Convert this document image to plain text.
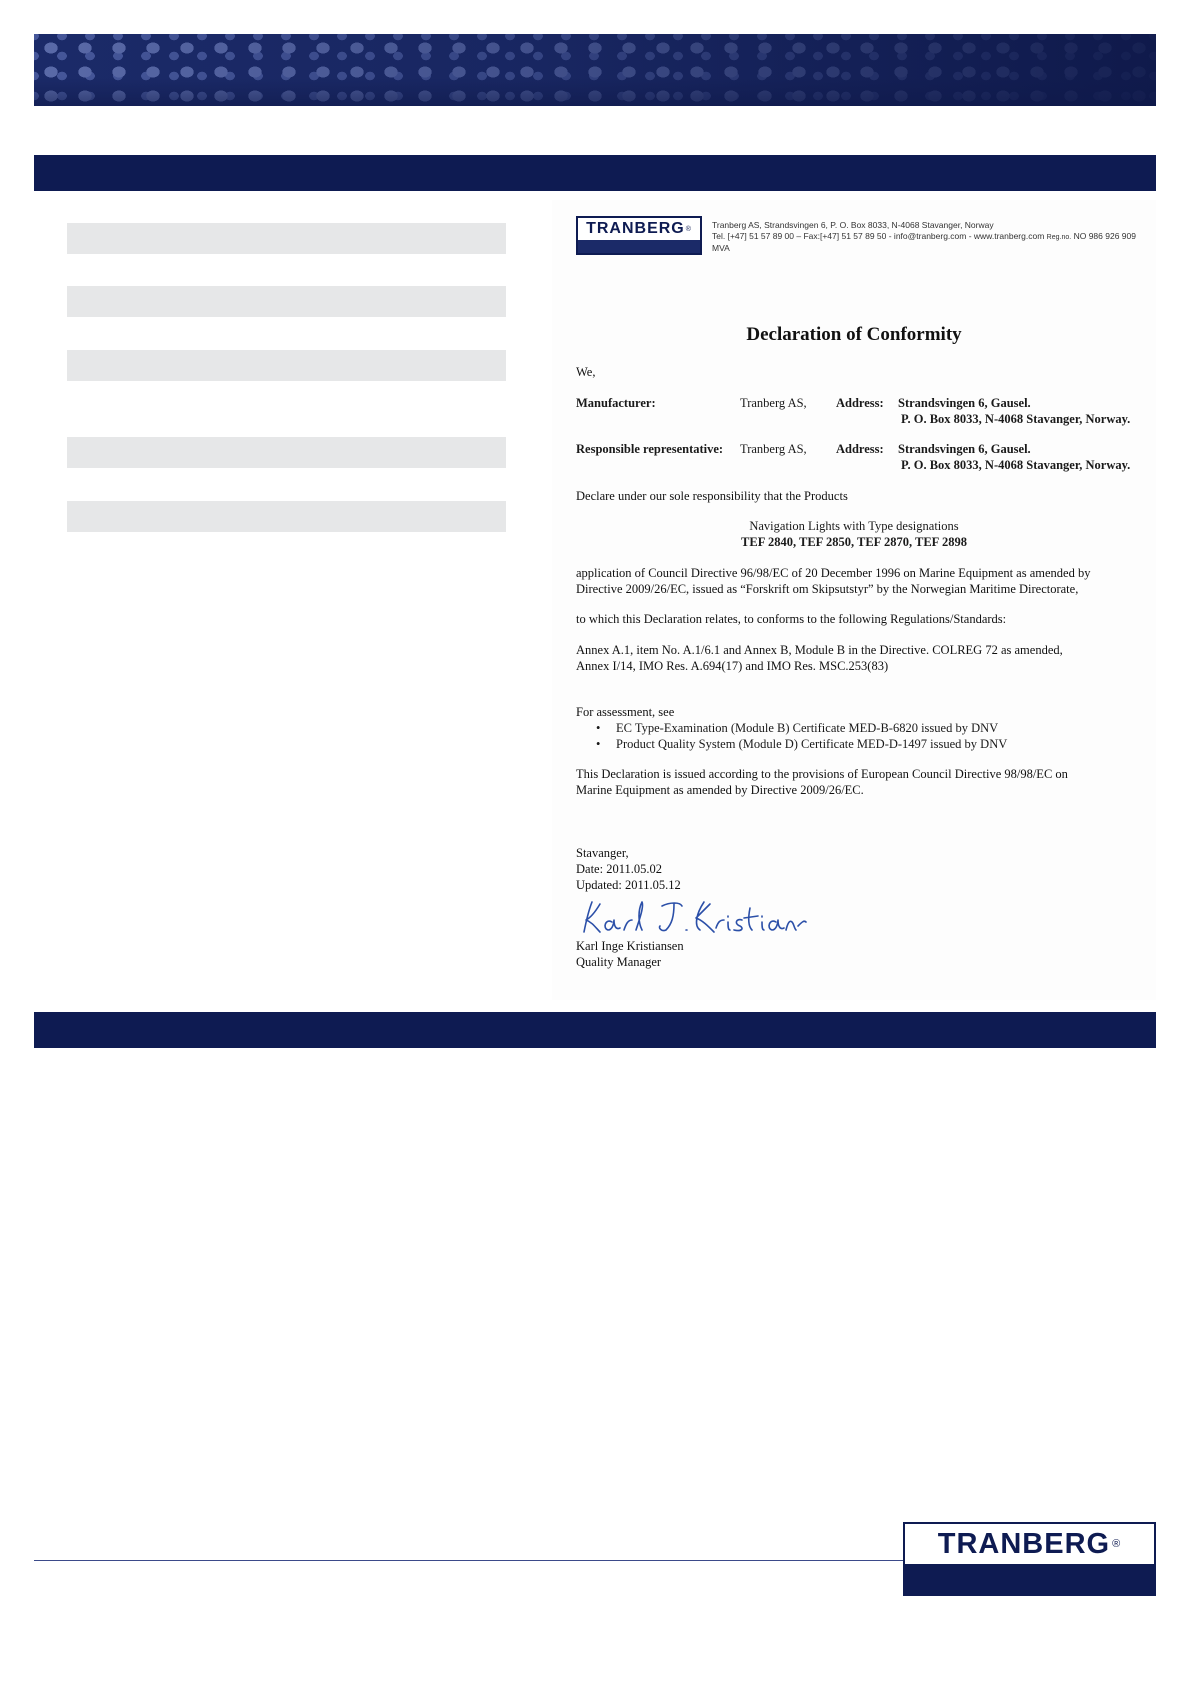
TRANBERG ® Tranberg AS, Strandsvingen 6, P. O. Box 8033, N-4068 Stavanger, Norway
Tel. [+47] 51 57 89 00 – Fax:[+47] 51 57 89 50 - info@tranberg.com - www.tranberg.com Reg.no. NO 986 926 909 MVA
Declaration of Conformity
We,
Manufacturer:	Tranberg AS, Address: Strandsvingen 6, Gausel.
P. O. Box 8033, N-4068 Stavanger, Norway.
Responsible representative: Tranberg AS, Address: Strandsvingen 6, Gausel.
P. O. Box 8033, N-4068 Stavanger, Norway.
Declare under our sole responsibility that the Products
Navigation Lights with Type designations
TEF 2840, TEF 2850, TEF 2870, TEF 2898
application of Council Directive 96/98/EC of 20 December 1996 on Marine Equipment as amended by
Directive 2009/26/EC, issued as “Forskrift om Skipsutstyr” by the Norwegian Maritime Directorate,
to which this Declaration relates, to conforms to the following Regulations/Standards:
Annex A.1, item No. A.1/6.1 and Annex B, Module B in the Directive. COLREG 72 as amended,
Annex I/14, IMO Res. A.694(17) and IMO Res. MSC.253(83)
For assessment, see
• EC Type-Examination (Module B) Certificate MED-B-6820 issued by DNV
• Product Quality System (Module D) Certificate MED-D-1497 issued by DNV
This Declaration is issued according to the provisions of European Council Directive 98/98/EC on
Marine Equipment as amended by Directive 2009/26/EC.
Stavanger,
Date: 2011.05.02
Updated: 2011.05.12
Karl Inge Kristiansen
Quality Manager
TRANBERG ®
